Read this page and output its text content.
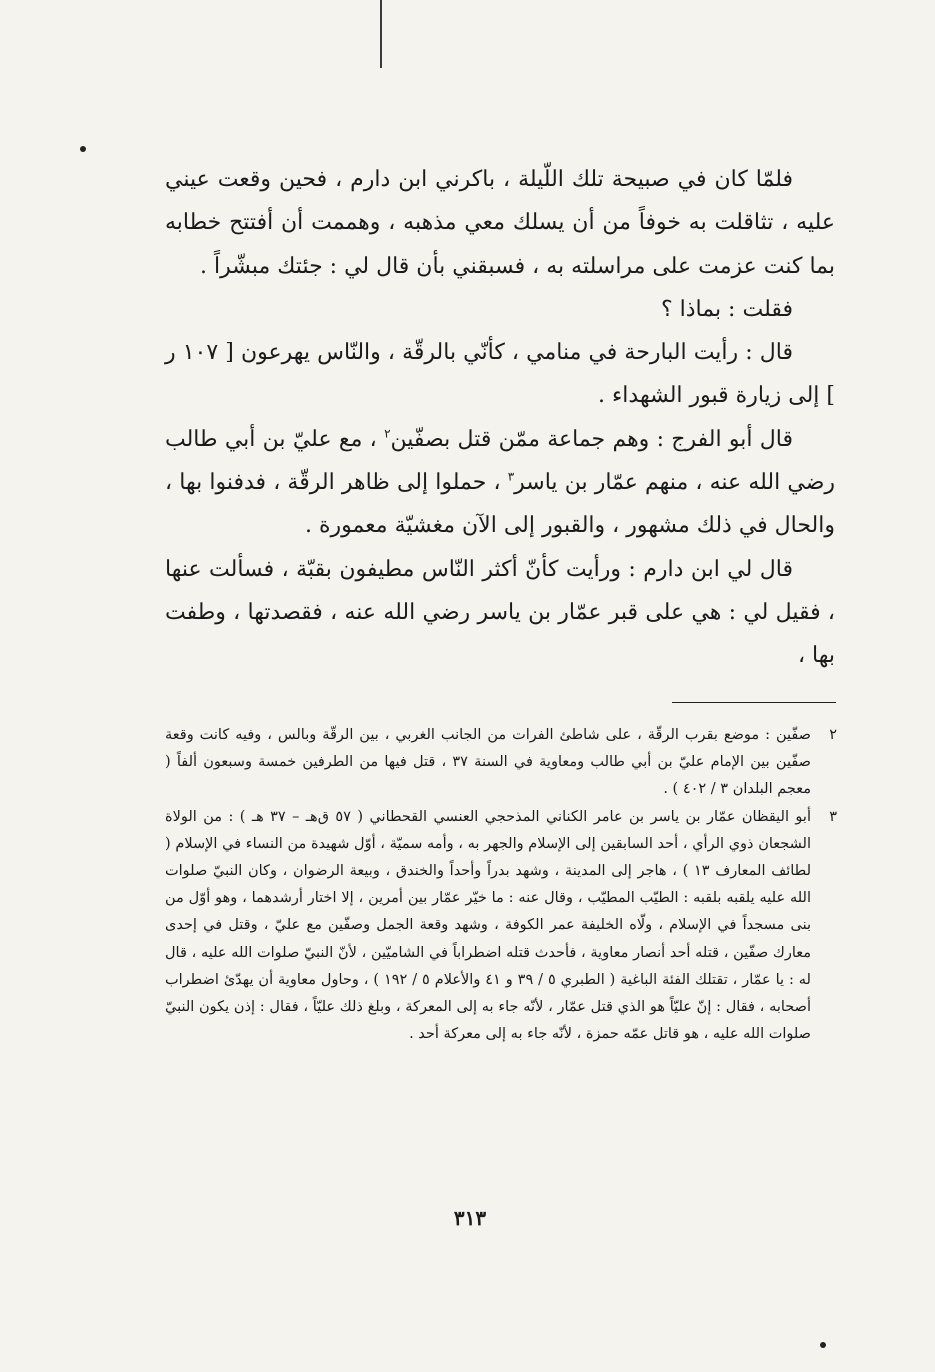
فلمّا كان في صبيحة تلك اللّيلة ، باكرني ابن دارم ، فحين وقعت عيني عليه ، تثاقلت به خوفاً من أن يسلك معي مذهبه ، وهممت أن أفتتح خطابه بما كنت عزمت على مراسلته به ، فسبقني بأن قال لي : جئتك مبشّراً .

فقلت : بماذا ؟

قال : رأيت البارحة في منامي ، كأنّي بالرقّة ، والنّاس يهرعون [ ١٠٧ ر ] إلى زيارة قبور الشهداء .

قال أبو الفرج : وهم جماعة ممّن قتل بصفّين$^٢$ ، مع عليّ بن أبي طالب رضي الله عنه ، منهم عمّار بن ياسر$^٣$ ، حملوا إلى ظاهر الرقّة ، فدفنوا بها ، والحال في ذلك مشهور ، والقبور إلى الآن مغشيّة معمورة .

قال لي ابن دارم : ورأيت كأنّ أكثر النّاس مطيفون بقبّة ، فسألت عنها ، فقيل لي : هي على قبر عمّار بن ياسر رضي الله عنه ، فقصدتها ، وطفت بها ،

٢
صفّين : موضع بقرب الرقّة ، على شاطئ الفرات من الجانب الغربي ، بين الرقّة وبالس ، وفيه كانت وقعة صفّين بين الإمام عليّ بن أبي طالب ومعاوية في السنة ٣٧ ، قتل فيها من الطرفين خمسة وسبعون ألفاً ( معجم البلدان ٣ / ٤٠٢ ) .
٣
أبو اليقظان عمّار بن ياسر بن عامر الكناني المذحجي العنسي القحطاني ( ٥٧ ق‌هـ – ٣٧ هـ ) : من الولاة الشجعان ذوي الرأي ، أحد السابقين إلى الإسلام والجهر به ، وأمه سميّة ، أوّل شهيدة من النساء في الإسلام ( لطائف المعارف ١٣ ) ، هاجر إلى المدينة ، وشهد بدراً وأحداً والخندق ، وبيعة الرضوان ، وكان النبيّ صلوات الله عليه يلقبه بلقبه : الطيّب المطيّب ، وقال عنه : ما خيّر عمّار بين أمرين ، إلا اختار أرشدهما ، وهو أوّل من بنى مسجداً في الإسلام ، ولّاه الخليفة عمر الكوفة ، وشهد وقعة الجمل وصفّين مع عليّ ، وقتل في إحدى معارك صفّين ، قتله أحد أنصار معاوية ، فأحدث قتله اضطراباً في الشاميّين ، لأنّ النبيّ صلوات الله عليه ، قال له : يا عمّار ، تقتلك الفئة الباغية ( الطبري ٥ / ٣٩ و ٤١ والأعلام ٥ / ١٩٢ ) ، وحاول معاوية أن يهدّئ اضطراب أصحابه ، فقال : إنّ عليّاً هو الذي قتل عمّار ، لأنّه جاء به إلى المعركة ، وبلغ ذلك عليّاً ، فقال : إذن يكون النبيّ صلوات الله عليه ، هو قاتل عمّه حمزة ، لأنّه جاء به إلى معركة أحد .
٣١٣
